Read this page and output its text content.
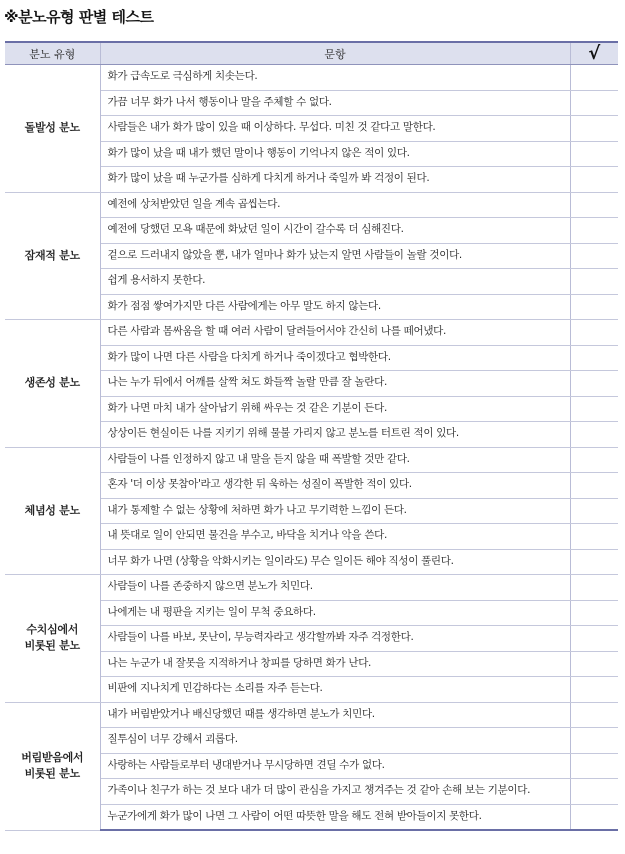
※분노유형 판별 테스트
분노 유형	문항	√

돌발성 분노	화가 급속도로 극심하게 치솟는다.	
	가끔 너무 화가 나서 행동이나 말을 주체할 수 없다.	
	사람들은 내가 화가 많이 있을 때 이상하다. 무섭다. 미친 것 같다고 말한다.	
	화가 많이 났을 때 내가 했던 말이나 행동이 기억나지 않은 적이 있다.	
	화가 많이 났을 때 누군가를 심하게 다치게 하거나 죽일까 봐 걱정이 된다.	

잠재적 분노	예전에 상처받았던 일을 계속 곱씹는다.	
	예전에 당했던 모욕 때문에 화났던 일이 시간이 갈수록 더 심해진다.	
	겉으로 드러내지 않았을 뿐, 내가 얼마나 화가 났는지 알면 사람들이 놀랄 것이다.	
	쉽게 용서하지 못한다.	
	화가 점점 쌓여가지만 다른 사람에게는 아무 말도 하지 않는다.	

생존성 분노	다른 사람과 몸싸움을 할 때 여러 사람이 달려들어서야 간신히 나를 떼어냈다.	
	화가 많이 나면 다른 사람을 다치게 하거나 죽이겠다고 협박한다.	
	나는 누가 뒤에서 어깨를 살짝 쳐도 화들짝 놀랄 만큼 잘 놀란다.	
	화가 나면 마치 내가 살아남기 위해 싸우는 것 같은 기분이 든다.	
	상상이든 현실이든 나를 지키기 위해 물불 가리지 않고 분노를 터트린 적이 있다.	

체념성 분노	사람들이 나를 인정하지 않고 내 말을 듣지 않을 때 폭발할 것만 같다.	
	혼자 '더 이상 못참아'라고 생각한 뒤 욱하는 성질이 폭발한 적이 있다.	
	내가 통제할 수 없는 상황에 처하면 화가 나고 무기력한 느낌이 든다.	
	내 뜻대로 일이 안되면 물건을 부수고, 바닥을 치거나 악을 쓴다.	
	너무 화가 나면 (상황을 악화시키는 일이라도) 무슨 일이든 해야 직성이 풀린다.	

수치심에서
비롯된 분노	사람들이 나를 존중하지 않으면 분노가 치민다.	
	나에게는 내 평판을 지키는 일이 무척 중요하다.	
	사람들이 나를 바보, 못난이, 무능력자라고 생각할까봐 자주 걱정한다.	
	나는 누군가 내 잘못을 지적하거나 창피를 당하면 화가 난다.	
	비판에 지나치게 민감하다는 소리를 자주 듣는다.	

버림받음에서
비롯된 분노	내가 버림받았거나 배신당했던 때를 생각하면 분노가 치민다.	
	질투심이 너무 강해서 괴롭다.	
	사랑하는 사람들로부터 냉대받거나 무시당하면 견딜 수가 없다.	
	가족이나 친구가 하는 것 보다 내가 더 많이 관심을 가지고 챙겨주는 것 같아 손해 보는 기분이다.	
	누군가에게 화가 많이 나면 그 사람이 어떤 따뜻한 말을 해도 전혀 받아들이지 못한다.	
